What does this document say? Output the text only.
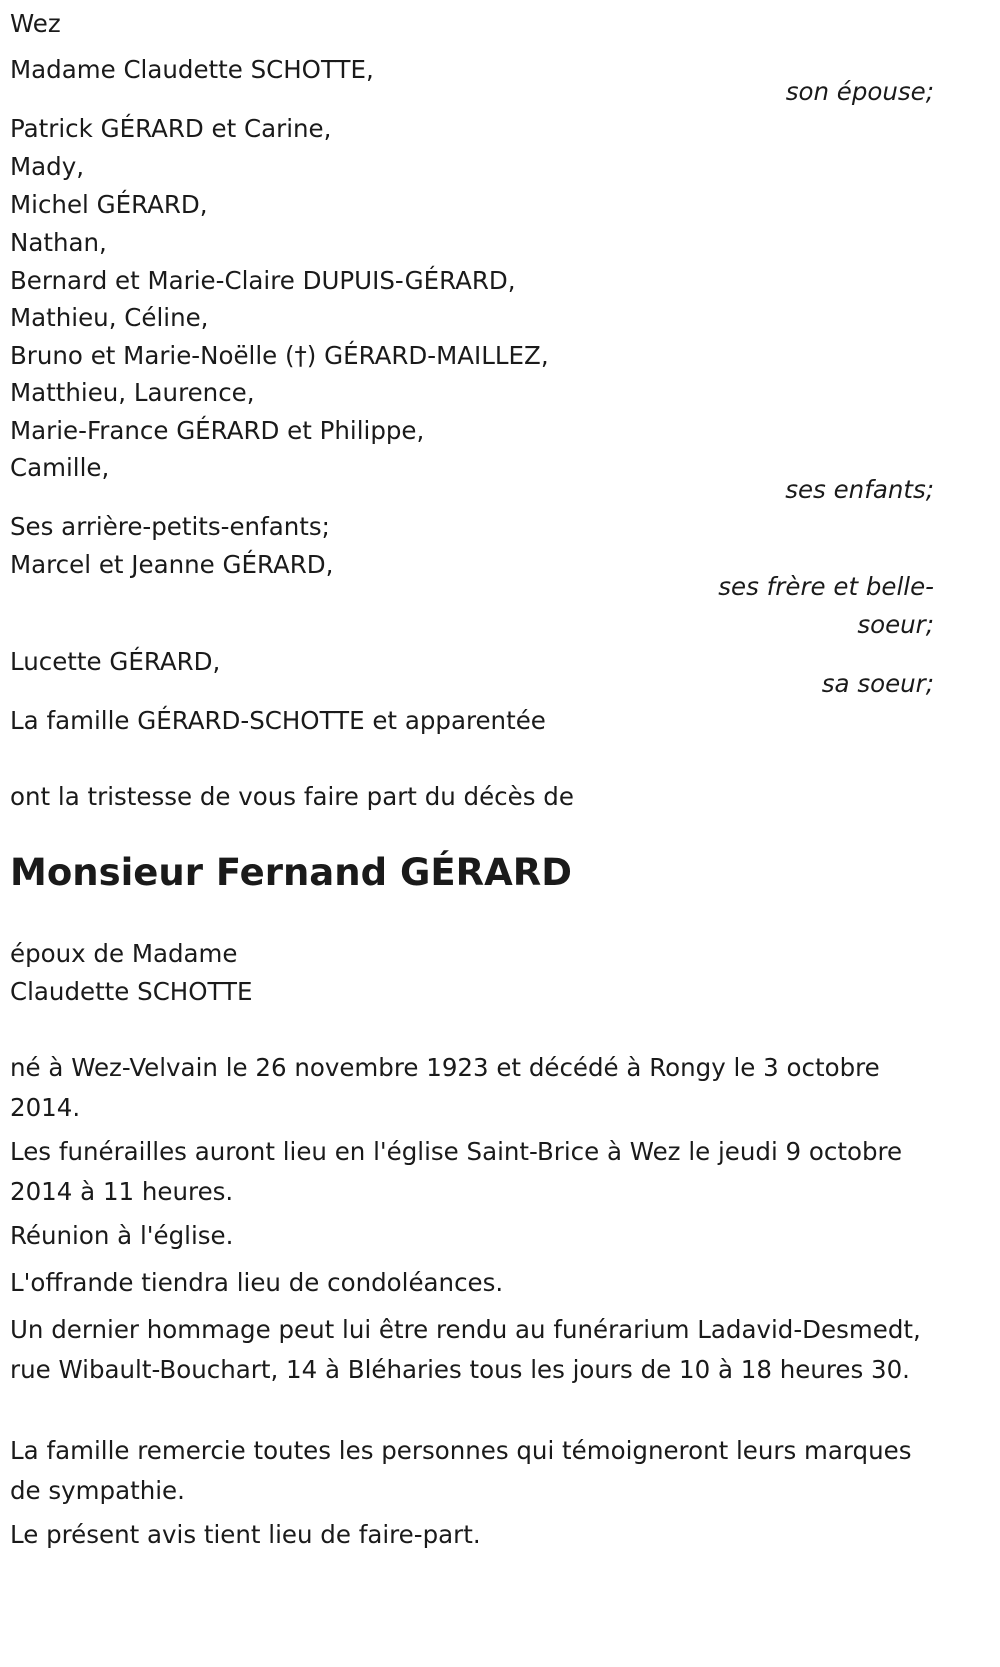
Wez

Madame Claudette SCHOTTE,

son épouse;

Patrick GÉRARD et Carine,

Mady,

Michel GÉRARD,

Nathan,

Bernard et Marie-Claire DUPUIS-GÉRARD,

Mathieu, Céline,

Bruno et Marie-Noëlle (†) GÉRARD-MAILLEZ,

Matthieu, Laurence,

Marie-France GÉRARD et Philippe,

Camille,

ses enfants;

Ses arrière-petits-enfants;

Marcel et Jeanne GÉRARD,

ses frère et belle-

soeur;

Lucette GÉRARD,

sa soeur;

La famille GÉRARD-SCHOTTE et apparentée

ont la tristesse de vous faire part du décès de

Monsieur Fernand GÉRARD

époux de Madame

Claudette SCHOTTE

né à Wez-Velvain le 26 novembre 1923 et décédé à Rongy le 3 octobre 2014.

Les funérailles auront lieu en l'église Saint-Brice à Wez le jeudi 9 octobre 2014 à 11 heures.

Réunion à l'église.

L'offrande tiendra lieu de condoléances.

Un dernier hommage peut lui être rendu au funérarium Ladavid-Desmedt, rue Wibault-Bouchart, 14 à Bléharies tous les jours de 10 à 18 heures 30.

La famille remercie toutes les personnes qui témoigneront leurs marques de sympathie.

Le présent avis tient lieu de faire-part.
